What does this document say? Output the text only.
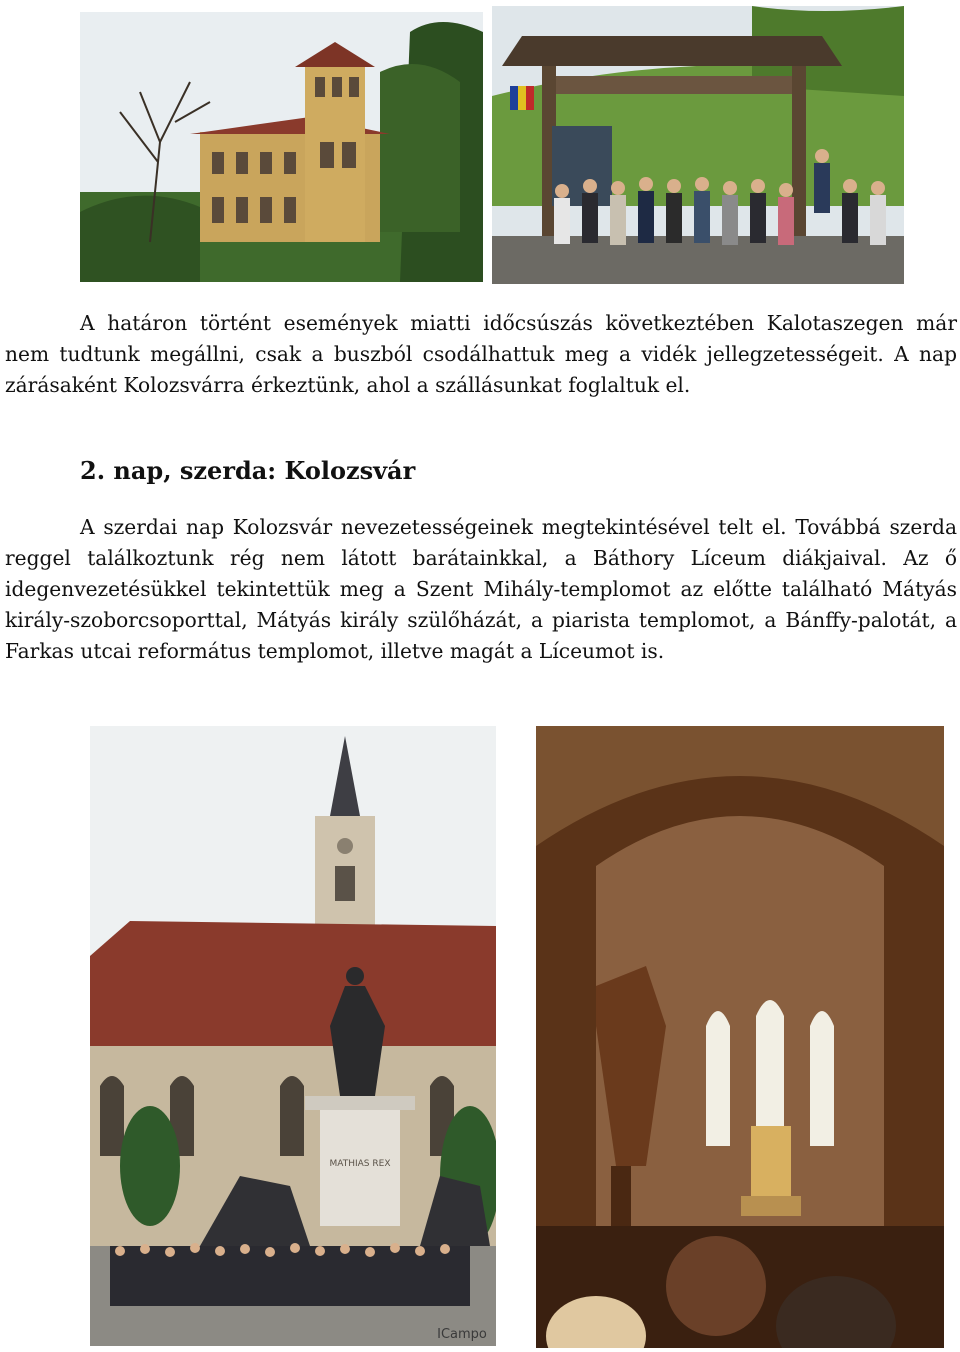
A határon történt események miatti időcsúszás következtében Kalotaszegen már nem tudtunk megállni, csak a buszból csodálhattuk meg a vidék jellegzetességeit. A nap zárásaként Kolozsvárra érkeztünk, ahol a szállásunkat foglaltuk el.

2. nap, szerda: Kolozsvár

A szerdai nap Kolozsvár nevezetességeinek megtekintésével telt el. Továbbá szerda reggel találkoztunk rég nem látott barátainkkal, a Báthory Líceum diákjaival. Az ő idegenvezetésükkel tekintettük meg a Szent Mihály-templomot az előtte található Mátyás király-szoborcsoporttal, Mátyás király szülőházát, a piarista templomot, a Bánffy-palotát, a Farkas utcai református templomot, illetve magát a Líceumot is.

MATHIAS REX
ICampo
